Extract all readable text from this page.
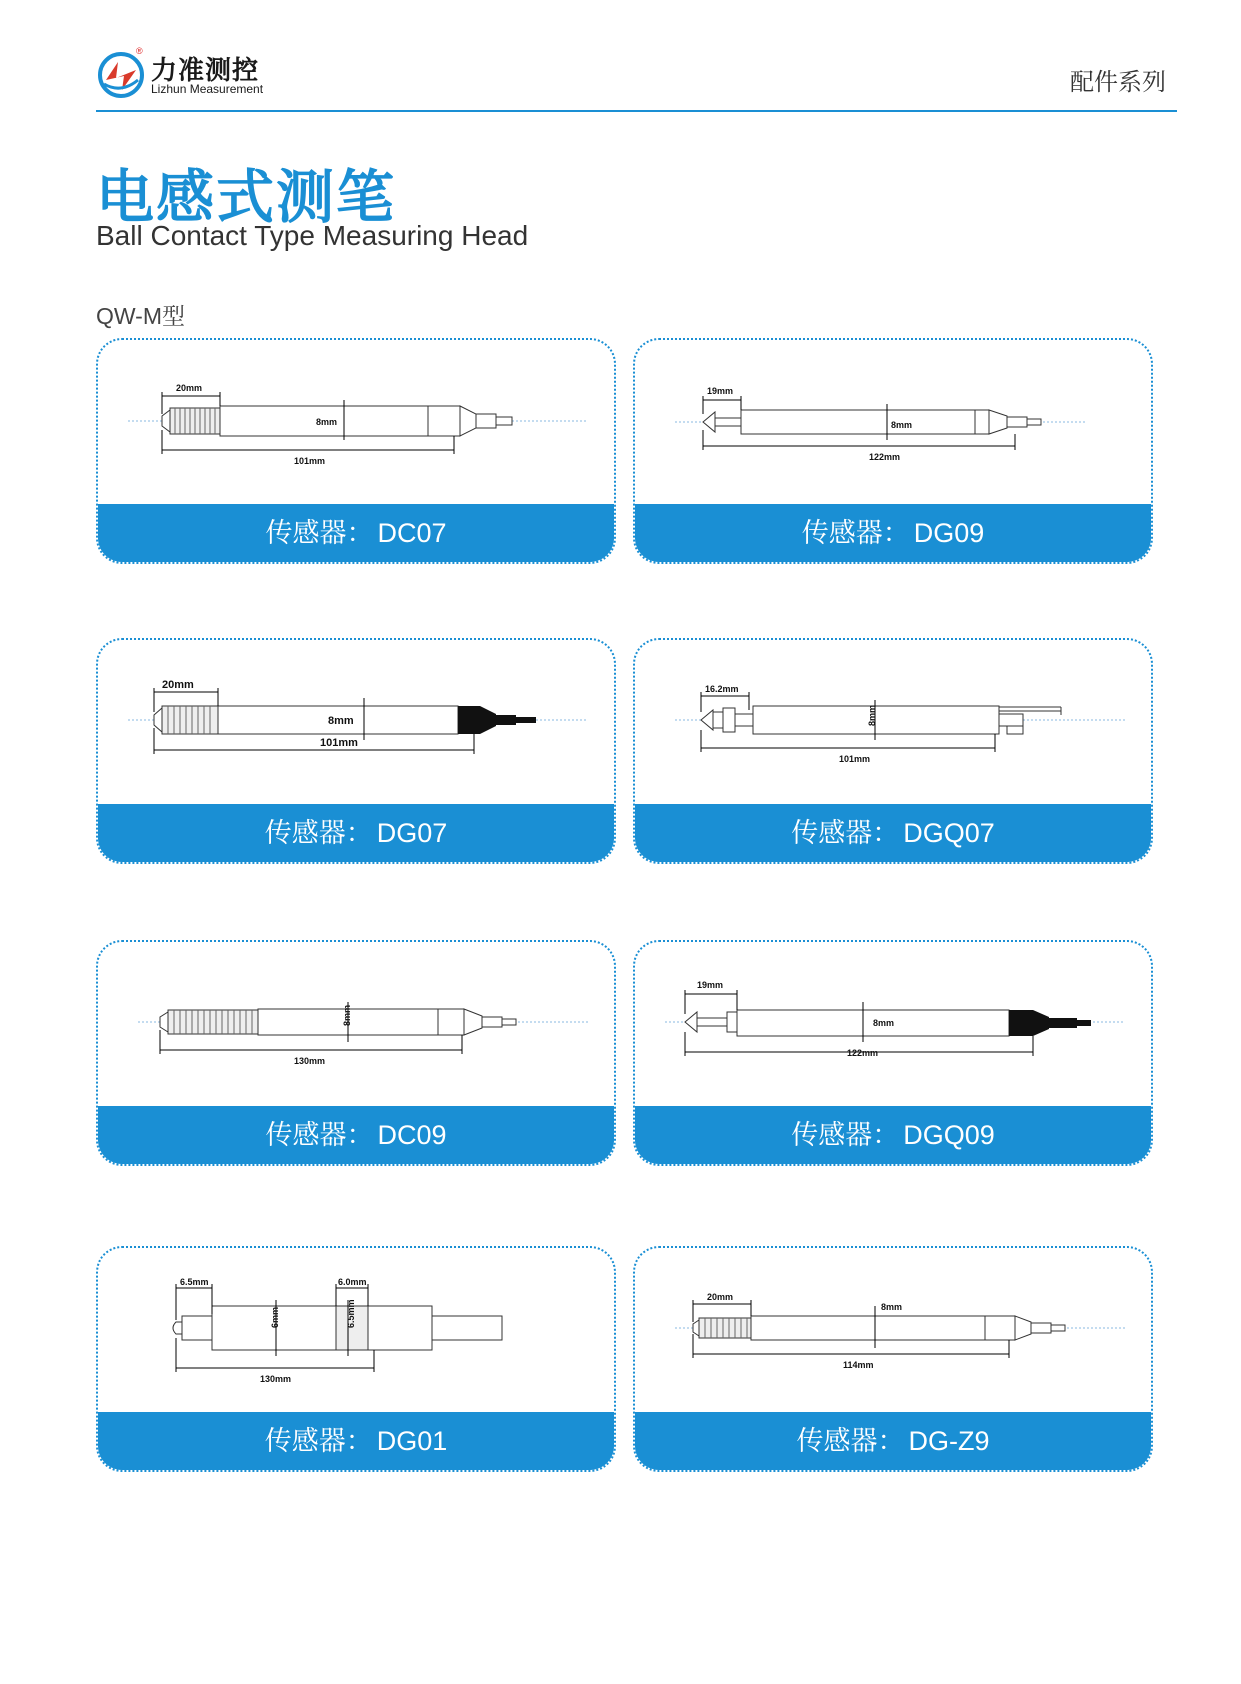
®
力准测控
Lizhun Measurement	配件系列
电感式测笔
Ball Contact Type Measuring Head
QW-M型
20mm
8mm
101mm
传感器： DC07
19mm
8mm
122mm
传感器： DG09
20mm
8mm
101mm
传感器： DG07
16.2mm
8mm
101mm
传感器： DGQ07
8mm
130mm
传感器： DC09
19mm
8mm
122mm
传感器： DGQ09
6.5mm	6.0mm
6mm	6.5mm
130mm
传感器： DG01
20mm
8mm
114mm
传感器： DG-Z9
